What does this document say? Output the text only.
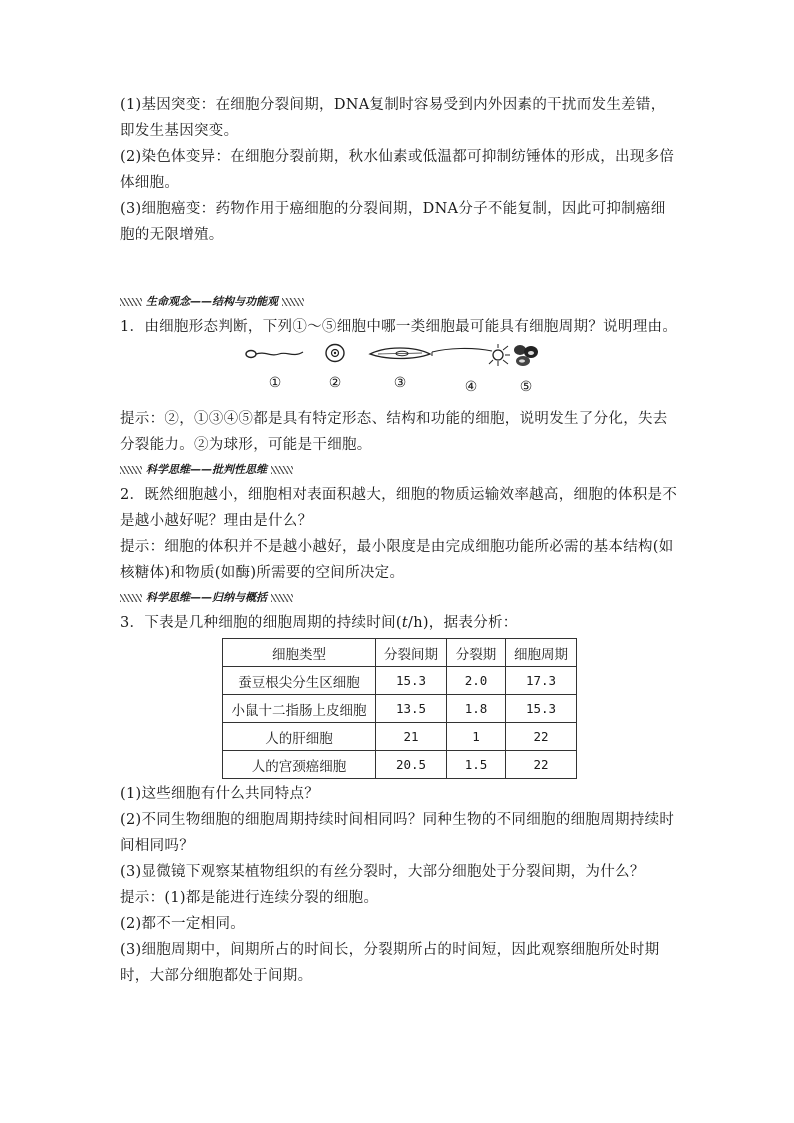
(1)基因突变：在细胞分裂间期，DNA复制时容易受到内外因素的干扰而发生差错，即发生基因突变。

(2)染色体变异：在细胞分裂前期，秋水仙素或低温都可抑制纺锤体的形成，出现多倍体细胞。

(3)细胞癌变：药物作用于癌细胞的分裂间期，DNA分子不能复制，因此可抑制癌细胞的无限增殖。

生命观念——结构与功能观

1．由细胞形态判断，下列①～⑤细胞中哪一类细胞最可能具有细胞周期？说明理由。

①	②	③	④	⑤

提示：②，①③④⑤都是具有特定形态、结构和功能的细胞，说明发生了分化，失去分裂能力。②为球形，可能是干细胞。

科学思维——批判性思维

2．既然细胞越小，细胞相对表面积越大，细胞的物质运输效率越高，细胞的体积是不是越小越好呢？理由是什么？

提示：细胞的体积并不是越小越好，最小限度是由完成细胞功能所必需的基本结构(如核糖体)和物质(如酶)所需要的空间所决定。

科学思维——归纳与概括

3．下表是几种细胞的细胞周期的持续时间(t/h)，据表分析：

细胞类型	分裂间期	分裂期	细胞周期
蚕豆根尖分生区细胞	15.3	2.0	17.3
小鼠十二指肠上皮细胞	13.5	1.8	15.3
人的肝细胞	21	1	22
人的宫颈癌细胞	20.5	1.5	22

(1)这些细胞有什么共同特点？

(2)不同生物细胞的细胞周期持续时间相同吗？同种生物的不同细胞的细胞周期持续时间相同吗？

(3)显微镜下观察某植物组织的有丝分裂时，大部分细胞处于分裂间期，为什么？

提示：(1)都是能进行连续分裂的细胞。

(2)都不一定相同。

(3)细胞周期中，间期所占的时间长，分裂期所占的时间短，因此观察细胞所处时期时，大部分细胞都处于间期。
